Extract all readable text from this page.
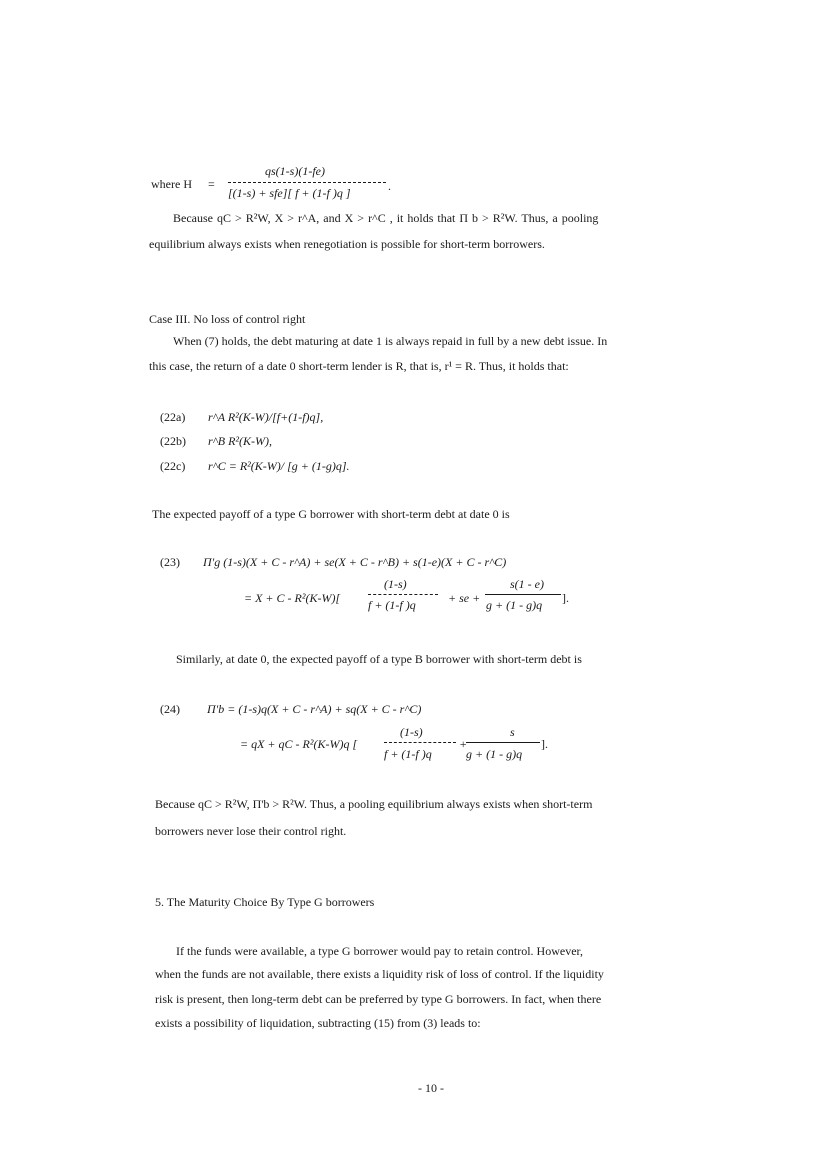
where H =
qs(1-s)(1-fe)
[(1-s) + sfe][ f + (1-f )q ]	.
Because qC > R²W, X > r^A, and X > r^C , it holds that Π b > R²W. Thus, a pooling
equilibrium always exists when renegotiation is possible for short-term borrowers.
Case III. No loss of control right
When (7) holds, the debt maturing at date 1 is always repaid in full by a new debt issue. In
this case, the return of a date 0 short-term lender is R, that is, r¹ = R. Thus, it holds that:
(22a) r^A R²(K-W)/[f+(1-f)q],
(22b) r^B R²(K-W),
(22c) r^C = R²(K-W)/ [g + (1-g)q].
The expected payoff of a type G borrower with short-term debt at date 0 is
(23) Π'g (1-s)(X + C - r^A) + se(X + C - r^B) + s(1-e)(X + C - r^C)
= X + C - R²(K-W)[
(1-s)
f + (1-f )q	+ se +
s(1 - e)
g + (1 - g)q ].
Similarly, at date 0, the expected payoff of a type B borrower with short-term debt is
(24) Π'b = (1-s)q(X + C - r^A) + sq(X + C - r^C)
= qX + qC - R²(K-W)q [
(1-s)
f + (1-f )q
+
s
g + (1 - g)q
].
Because qC > R²W, Π'b > R²W. Thus, a pooling equilibrium always exists when short-term
borrowers never lose their control right.
5. The Maturity Choice By Type G borrowers
If the funds were available, a type G borrower would pay to retain control. However,
when the funds are not available, there exists a liquidity risk of loss of control. If the liquidity
risk is present, then long-term debt can be preferred by type G borrowers. In fact, when there
exists a possibility of liquidation, subtracting (15) from (3) leads to:
- 10 -
